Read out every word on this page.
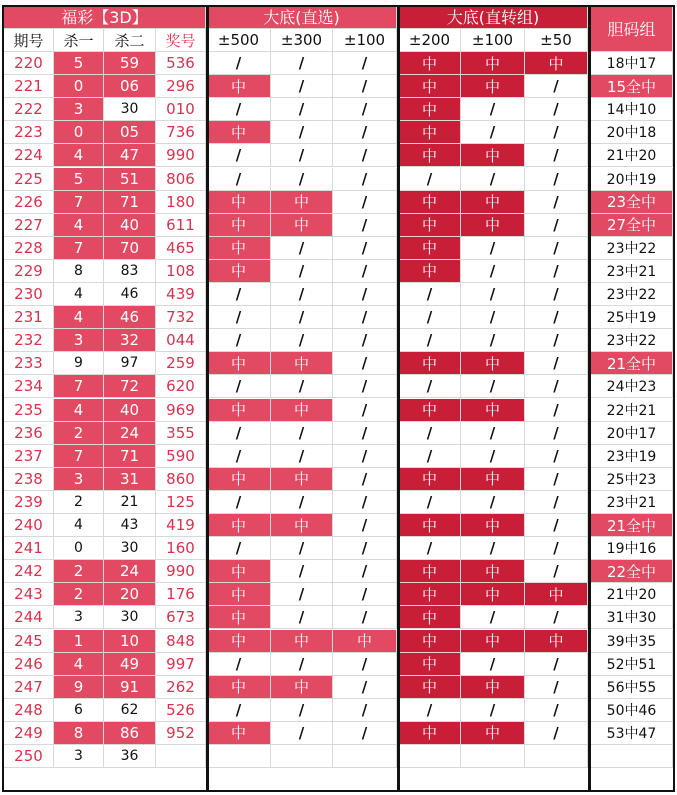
福彩【3D】	大底(直选)	大底(直转组)
胆码组
期号	杀一	杀二	奖号	±500	±300	±100	±200	±100	±50
220	5	59	536	/	/	/	中	中	中	18中17
221	0	06	296	中	/	/	中	中	/	15全中
222	3	30	010	/	/	/	中	/	/	14中10
223	0	05	736	中	/	/	中	/	/	20中18
224	4	47	990	/	/	/	中	中	/	21中20
225	5	51	806	/	/	/	/	/	/	20中19
226	7	71	180	中	中	/	中	中	/	23全中
227	4	40	611	中	中	/	中	中	/	27全中
228	7	70	465	中	/	/	中	/	/	23中22
229	8	83	108	中	/	/	中	/	/	23中21
230	4	46	439	/	/	/	/	/	/	23中22
231	4	46	732	/	/	/	/	/	/	25中19
232	3	32	044	/	/	/	/	/	/	23中22
233	9	97	259	中	中	/	中	中	/	21全中
234	7	72	620	/	/	/	/	/	/	24中23
235	4	40	969	中	中	/	中	中	/	22中21
236	2	24	355	/	/	/	/	/	/	20中17
237	7	71	590	/	/	/	/	/	/	23中19
238	3	31	860	中	中	/	中	中	/	25中23
239	2	21	125	/	/	/	/	/	/	23中21
240	4	43	419	中	中	/	中	中	/	21全中
241	0	30	160	/	/	/	/	/	/	19中16
242	2	24	990	中	/	/	中	中	/	22全中
243	2	20	176	中	/	/	中	中	中	21中20
244	3	30	673	中	/	/	中	/	/	31中30
245	1	10	848	中	中	中	中	中	中	39中35
246	4	49	997	/	/	/	中	/	/	52中51
247	9	91	262	中	中	/	中	中	/	56中55
248	6	62	526	/	/	/	/	/	/	50中46
249	8	86	952	中	/	/	中	中	/	53中47
250	3	36
